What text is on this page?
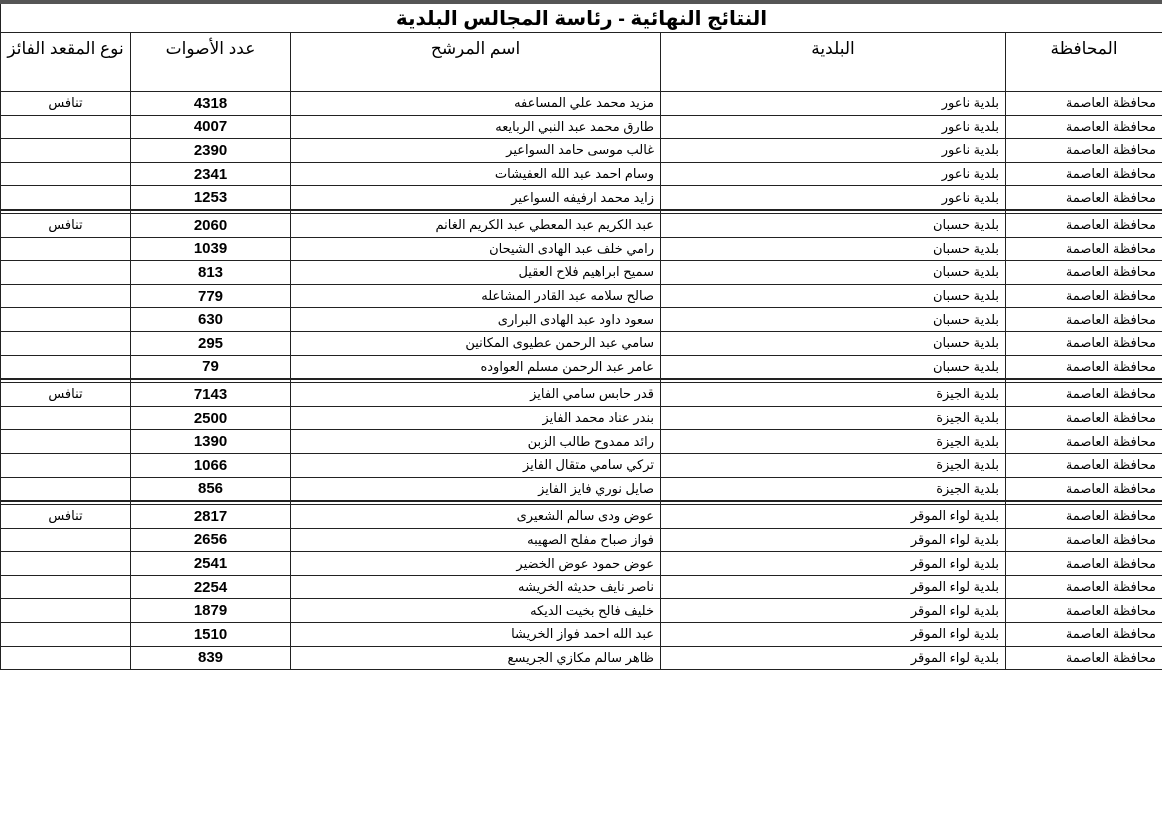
النتائج النهائية - رئاسة المجالس البلدية				
المحافظة	البلدية	اسم المرشح	عدد الأصوات	نوع المقعد الفائز
محافظة العاصمة	بلدية ناعور	مزيد محمد علي المساعفه	4318	تنافس
محافظة العاصمة	بلدية ناعور	طارق محمد عبد النبي الربايعه	4007	
محافظة العاصمة	بلدية ناعور	غالب موسى حامد السواعير	2390	
محافظة العاصمة	بلدية ناعور	وسام احمد عبد الله العفيشات	2341	
محافظة العاصمة	بلدية ناعور	زايد محمد ارفيفه السواعير	1253	

محافظة العاصمة	بلدية حسبان	عبد الكريم عبد المعطي عبد الكريم الغانم	2060	تنافس
محافظة العاصمة	بلدية حسبان	رامي خلف عبد الهادى الشيحان	1039	
محافظة العاصمة	بلدية حسبان	سميح ابراهيم فلاح العقيل	813	
محافظة العاصمة	بلدية حسبان	صالح سلامه عبد القادر المشاعله	779	
محافظة العاصمة	بلدية حسبان	سعود داود عبد الهادى البرارى	630	
محافظة العاصمة	بلدية حسبان	سامي عبد الرحمن عطيوى المكانين	295	
محافظة العاصمة	بلدية حسبان	عامر عبد الرحمن مسلم العواوده	79	

محافظة العاصمة	بلدية الجيزة	قدر حابس سامي الفايز	7143	تنافس
محافظة العاصمة	بلدية الجيزة	بندر عناد محمد الفايز	2500	
محافظة العاصمة	بلدية الجيزة	رائد ممدوح طالب الزبن	1390	
محافظة العاصمة	بلدية الجيزة	تركي سامي متقال الفايز	1066	
محافظة العاصمة	بلدية الجيزة	صايل نوري فايز الفايز	856	

محافظة العاصمة	بلدية لواء الموقر	عوض ودى سالم الشعيرى	2817	تنافس
محافظة العاصمة	بلدية لواء الموقر	فواز صباح مفلح الصهيبه	2656	
محافظة العاصمة	بلدية لواء الموقر	عوض حمود عوض الخضير	2541	
محافظة العاصمة	بلدية لواء الموقر	ناصر نايف حديثه الخريشه	2254	
محافظة العاصمة	بلدية لواء الموقر	خليف فالح بخيت الديكه	1879	
محافظة العاصمة	بلدية لواء الموقر	عبد الله احمد فواز الخريشا	1510	
محافظة العاصمة	بلدية لواء الموقر	ظاهر سالم مكازي الجريسع	839	
